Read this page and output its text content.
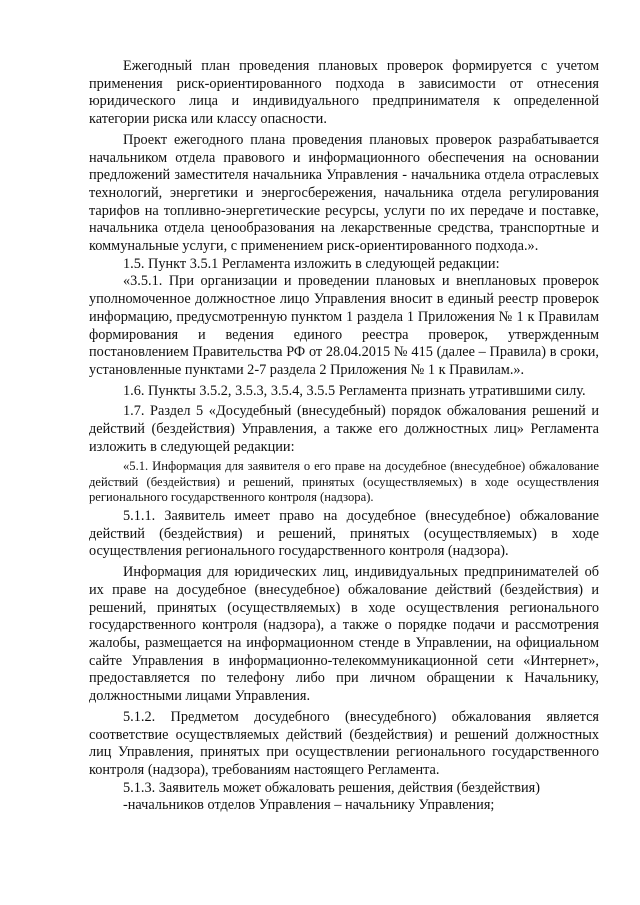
Ежегодный план проведения плановых проверок формируется с учетом применения риск-ориентированного подхода в зависимости от отнесения юридического лица и индивидуального предпринимателя к определенной категории риска или классу опасности.

Проект ежегодного плана проведения плановых проверок разрабатывается начальником отдела правового и информационного обеспечения на основании предложений заместителя начальника Управления - начальника отдела отраслевых технологий, энергетики и энергосбережения, начальника отдела регулирования тарифов на топливно-энергетические ресурсы, услуги по их передаче и поставке, начальника отдела ценообразования на лекарственные средства, транспортные и коммунальные услуги, с применением риск-ориентированного подхода.».

1.5. Пункт 3.5.1 Регламента изложить в следующей редакции:

«3.5.1. При организации и проведении плановых и внеплановых проверок уполномоченное должностное лицо Управления вносит в единый реестр проверок информацию, предусмотренную пунктом 1 раздела 1 Приложения № 1 к Правилам формирования и ведения единого реестра проверок, утвержденным постановлением Правительства РФ от 28.04.2015 № 415 (далее – Правила) в сроки, установленные пунктами 2-7 раздела 2 Приложения № 1 к Правилам.».

1.6. Пункты 3.5.2, 3.5.3, 3.5.4, 3.5.5 Регламента признать утратившими силу.

1.7. Раздел 5 «Досудебный (внесудебный) порядок обжалования решений и действий (бездействия) Управления, а также его должностных лиц» Регламента изложить в следующей редакции:

«5.1. Информация для заявителя о его праве на досудебное (внесудебное) обжалование действий (бездействия) и решений, принятых (осуществляемых) в ходе осуществления регионального государственного контроля (надзора).

5.1.1. Заявитель имеет право на досудебное (внесудебное) обжалование действий (бездействия) и решений, принятых (осуществляемых) в ходе осуществления регионального государственного контроля (надзора).

Информация для юридических лиц, индивидуальных предпринимателей об их праве на досудебное (внесудебное) обжалование действий (бездействия) и решений, принятых (осуществляемых) в ходе осуществления регионального государственного контроля (надзора), а также о порядке подачи и рассмотрения жалобы, размещается на информационном стенде в Управлении, на официальном сайте Управления в информационно-телекоммуникационной сети «Интернет», предоставляется по телефону либо при личном обращении к Начальнику, должностными лицами Управления.

5.1.2. Предметом досудебного (внесудебного) обжалования является соответствие осуществляемых действий (бездействия) и решений должностных лиц Управления, принятых при осуществлении регионального государственного контроля (надзора), требованиям настоящего Регламента.

5.1.3. Заявитель может обжаловать решения, действия (бездействия)

-начальников отделов Управления – начальнику Управления;
